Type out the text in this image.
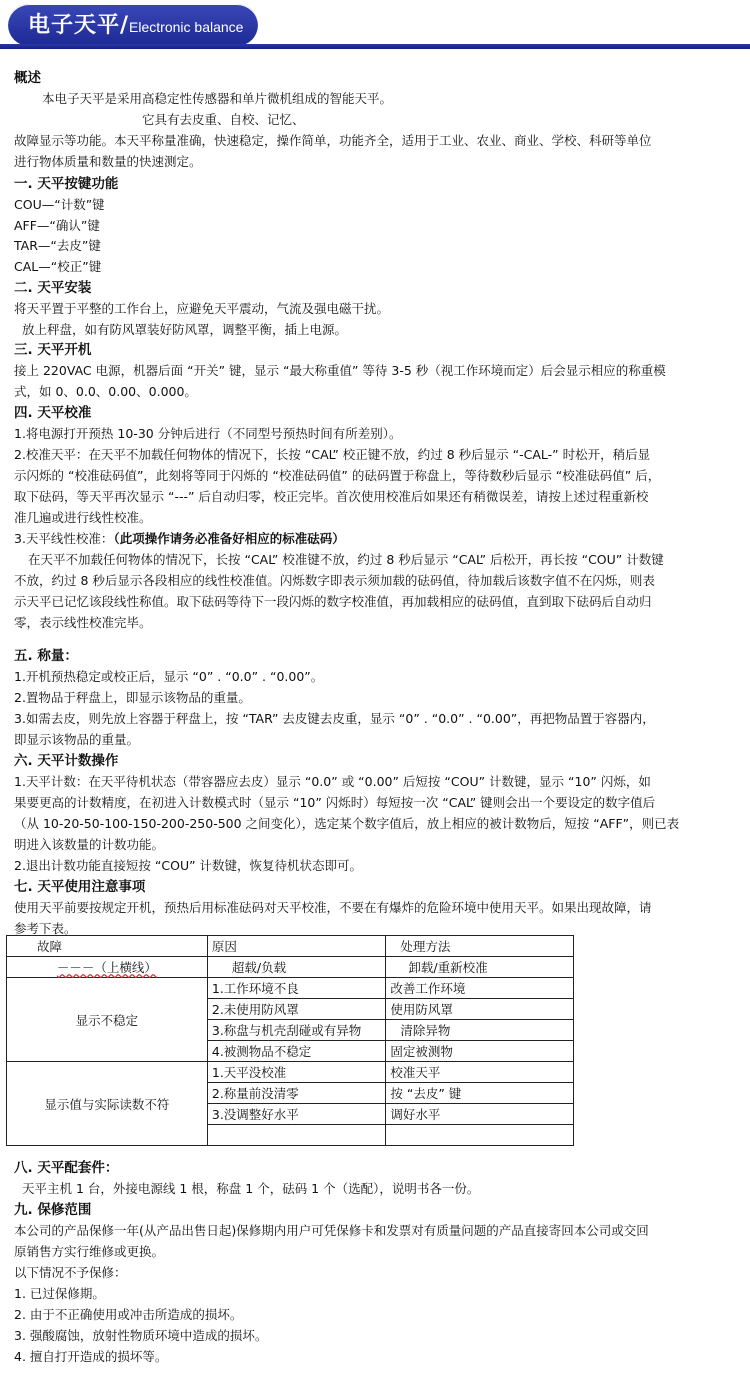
电子天平/Electronic balance
概述
本电子天平是采用高稳定性传感器和单片微机组成的智能天平。
它具有去皮重、自校、记忆、
故障显示等功能。本天平称量准确，快速稳定，操作简单，功能齐全，适用于工业、农业、商业、学校、科研等单位
进行物体质量和数量的快速测定。
一. 天平按键功能
COU—“计数”键
AFF—“确认”键
TAR—“去皮”键
CAL—“校正”键
二. 天平安装
将天平置于平整的工作台上，应避免天平震动，气流及强电磁干扰。
放上秤盘，如有防风罩装好防风罩，调整平衡，插上电源。
三. 天平开机
接上 220VAC 电源，机器后面 “开关” 键，显示 “最大称重值” 等待 3-5 秒（视工作环境而定）后会显示相应的称重模
式，如 0、0.0、0.00、0.000。
四. 天平校准
1.将电源打开预热 10-30 分钟后进行（不同型号预热时间有所差别）。
2.校准天平：在天平不加载任何物体的情况下，长按 “CAL” 校正键不放，约过 8 秒后显示 “-CAL-” 时松开，稍后显
示闪烁的 “校准砝码值”，此刻将等同于闪烁的 “校准砝码值” 的砝码置于称盘上，等待数秒后显示 “校准砝码值” 后，
取下砝码，等天平再次显示 “---” 后自动归零，校正完毕。首次使用校准后如果还有稍微误差，请按上述过程重新校
准几遍或进行线性校准。
3.天平线性校准：（此项操作请务必准备好相应的标准砝码）
在天平不加载任何物体的情况下，长按 “CAL” 校准键不放，约过 8 秒后显示 “CAL” 后松开，再长按 “COU” 计数键
不放，约过 8 秒后显示各段相应的线性校准值。闪烁数字即表示须加载的砝码值，待加载后该数字值不在闪烁，则表
示天平已记忆该段线性称值。取下砝码等待下一段闪烁的数字校准值，再加载相应的砝码值，直到取下砝码后自动归
零，表示线性校准完毕。
五. 称量：
1.开机预热稳定或校正后，显示 “0” . “0.0” . “0.00”。
2.置物品于秤盘上，即显示该物品的重量。
3.如需去皮，则先放上容器于秤盘上，按 “TAR” 去皮键去皮重，显示 “0” . “0.0” . “0.00”，再把物品置于容器内，
即显示该物品的重量。
六. 天平计数操作
1.天平计数：在天平待机状态（带容器应去皮）显示 “0.0” 或 “0.00” 后短按 “COU” 计数键，显示 “10” 闪烁，如
果要更高的计数精度，在初进入计数模式时（显示 “10” 闪烁时）每短按一次 “CAL” 键则会出一个要设定的数字值后
（从 10-20-50-100-150-200-250-500 之间变化），选定某个数字值后，放上相应的被计数物后，短按 “AFF”，则已表
明进入该数量的计数功能。
2.退出计数功能直接短按 “COU” 计数键，恢复待机状态即可。
七. 天平使用注意事项
使用天平前要按规定开机，预热后用标准砝码对天平校准，不要在有爆炸的危险环境中使用天平。如果出现故障，请
参考下表。
故障	原因	处理方法
－－－（上横线）	超载/负载	卸载/重新校准
显示不稳定	1.工作环境不良	改善工作环境
	2.未使用防风罩	使用防风罩
	3.称盘与机壳刮碰或有异物	清除异物
	4.被测物品不稳定	固定被测物
显示值与实际读数不符	1.天平没校准	校准天平
	2.称量前没清零	按 “去皮” 键
	3.没调整好水平	调好水平

八. 天平配套件：
天平主机 1 台，外接电源线 1 根，称盘 1 个，砝码 1 个（选配），说明书各一份。
九. 保修范围
本公司的产品保修一年(从产品出售日起)保修期内用户可凭保修卡和发票对有质量问题的产品直接寄回本公司或交回
原销售方实行维修或更换。
以下情况不予保修：
1. 已过保修期。
2. 由于不正确使用或冲击所造成的损坏。
3. 强酸腐蚀，放射性物质环境中造成的损坏。
4. 擅自打开造成的损坏等。
